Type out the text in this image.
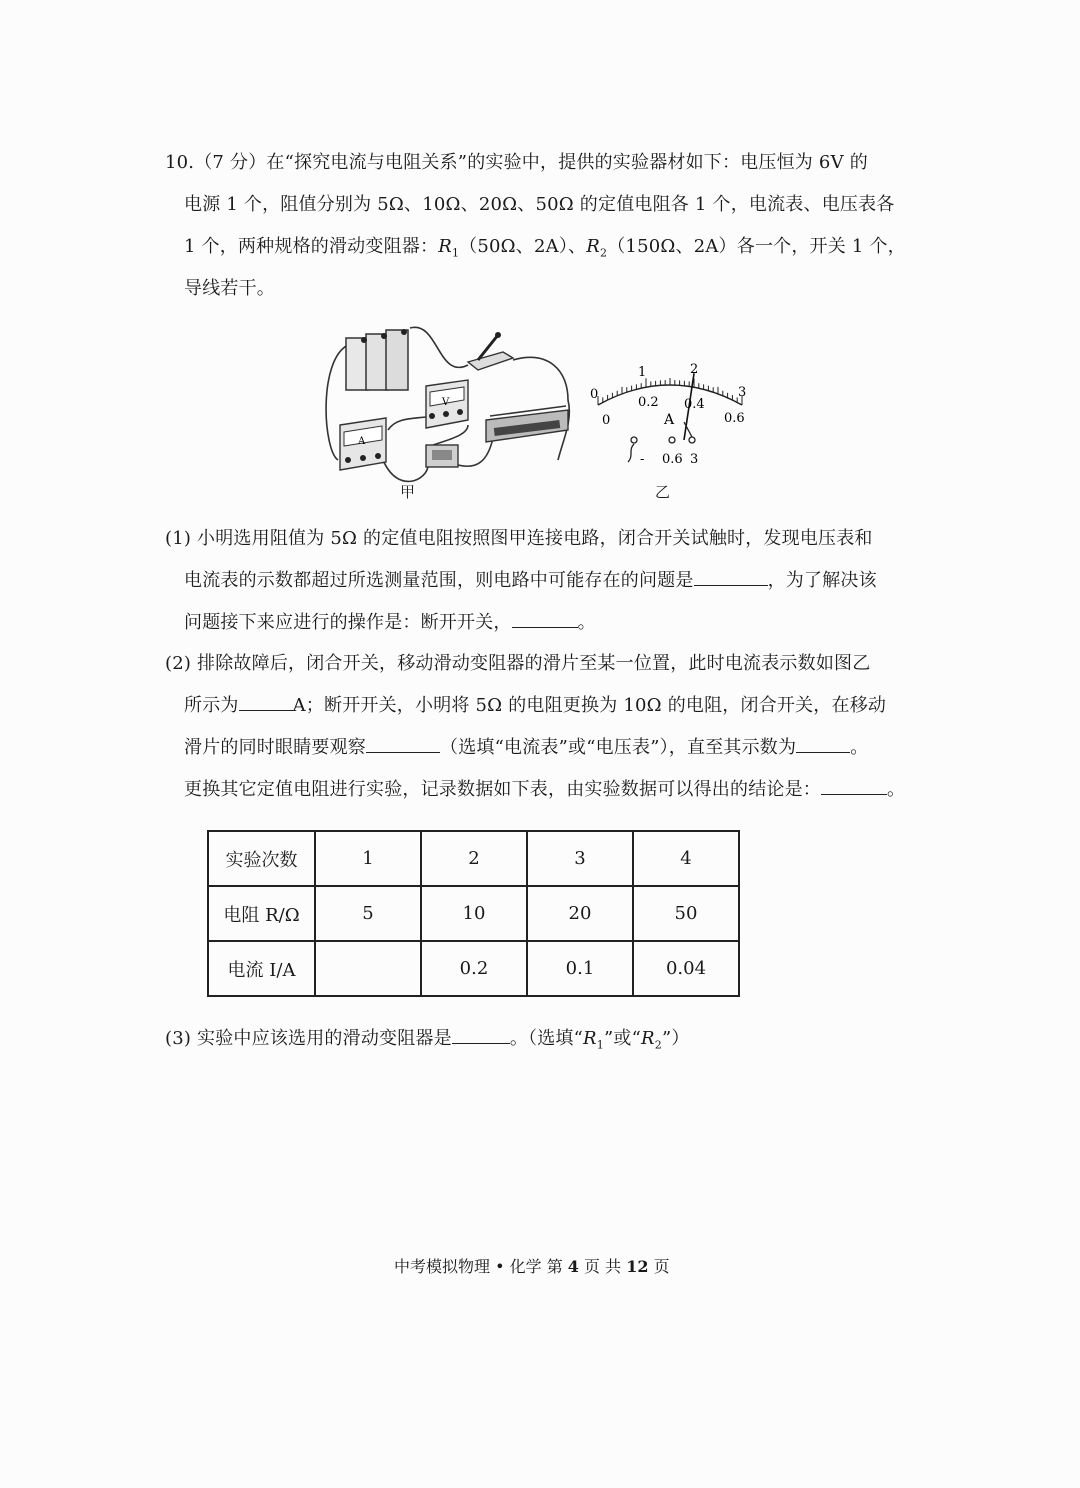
10.（7 分）在“探究电流与电阻关系”的实验中，提供的实验器材如下：电压恒为 6V 的
电源 1 个，阻值分别为 5Ω、10Ω、20Ω、50Ω 的定值电阻各 1 个，电流表、电压表各
1 个，两种规格的滑动变阻器：$R_1(50\Omega$、2A）、$R_2(150\Omega$、2A）各一个，开关 1 个，
导线若干。
V
A
0
1	2
3
0
0.2 0.4
0.6
A
- 0.6 3
甲	乙
(1) 小明选用阻值为 5Ω 的定值电阻按照图甲连接电路，闭合开关试触时，发现电压表和
电流表的示数都超过所选测量范围，则电路中可能存在的问题是	，为了解决该
问题接下来应进行的操作是：断开开关，	。
(2) 排除故障后，闭合开关，移动滑动变阻器的滑片至某一位置，此时电流表示数如图乙
所示为	A；断开开关，小明将 5Ω 的电阻更换为 10Ω 的电阻，闭合开关，在移动
滑片的同时眼睛要观察	（选填“电流表”或“电压表”），直至其示数为	。
更换其它定值电阻进行实验，记录数据如下表，由实验数据可以得出的结论是：	。
实验次数	1	2	3	4
电阻 R/Ω	5	10	20	50
电流 I/A		0.2	0.1	0.04
(3) 实验中应该选用的滑动变阻器是	。（选填“$R_1$”或“$R_2$”）
中考模拟物理 • 化学 第 4 页 共 12 页
